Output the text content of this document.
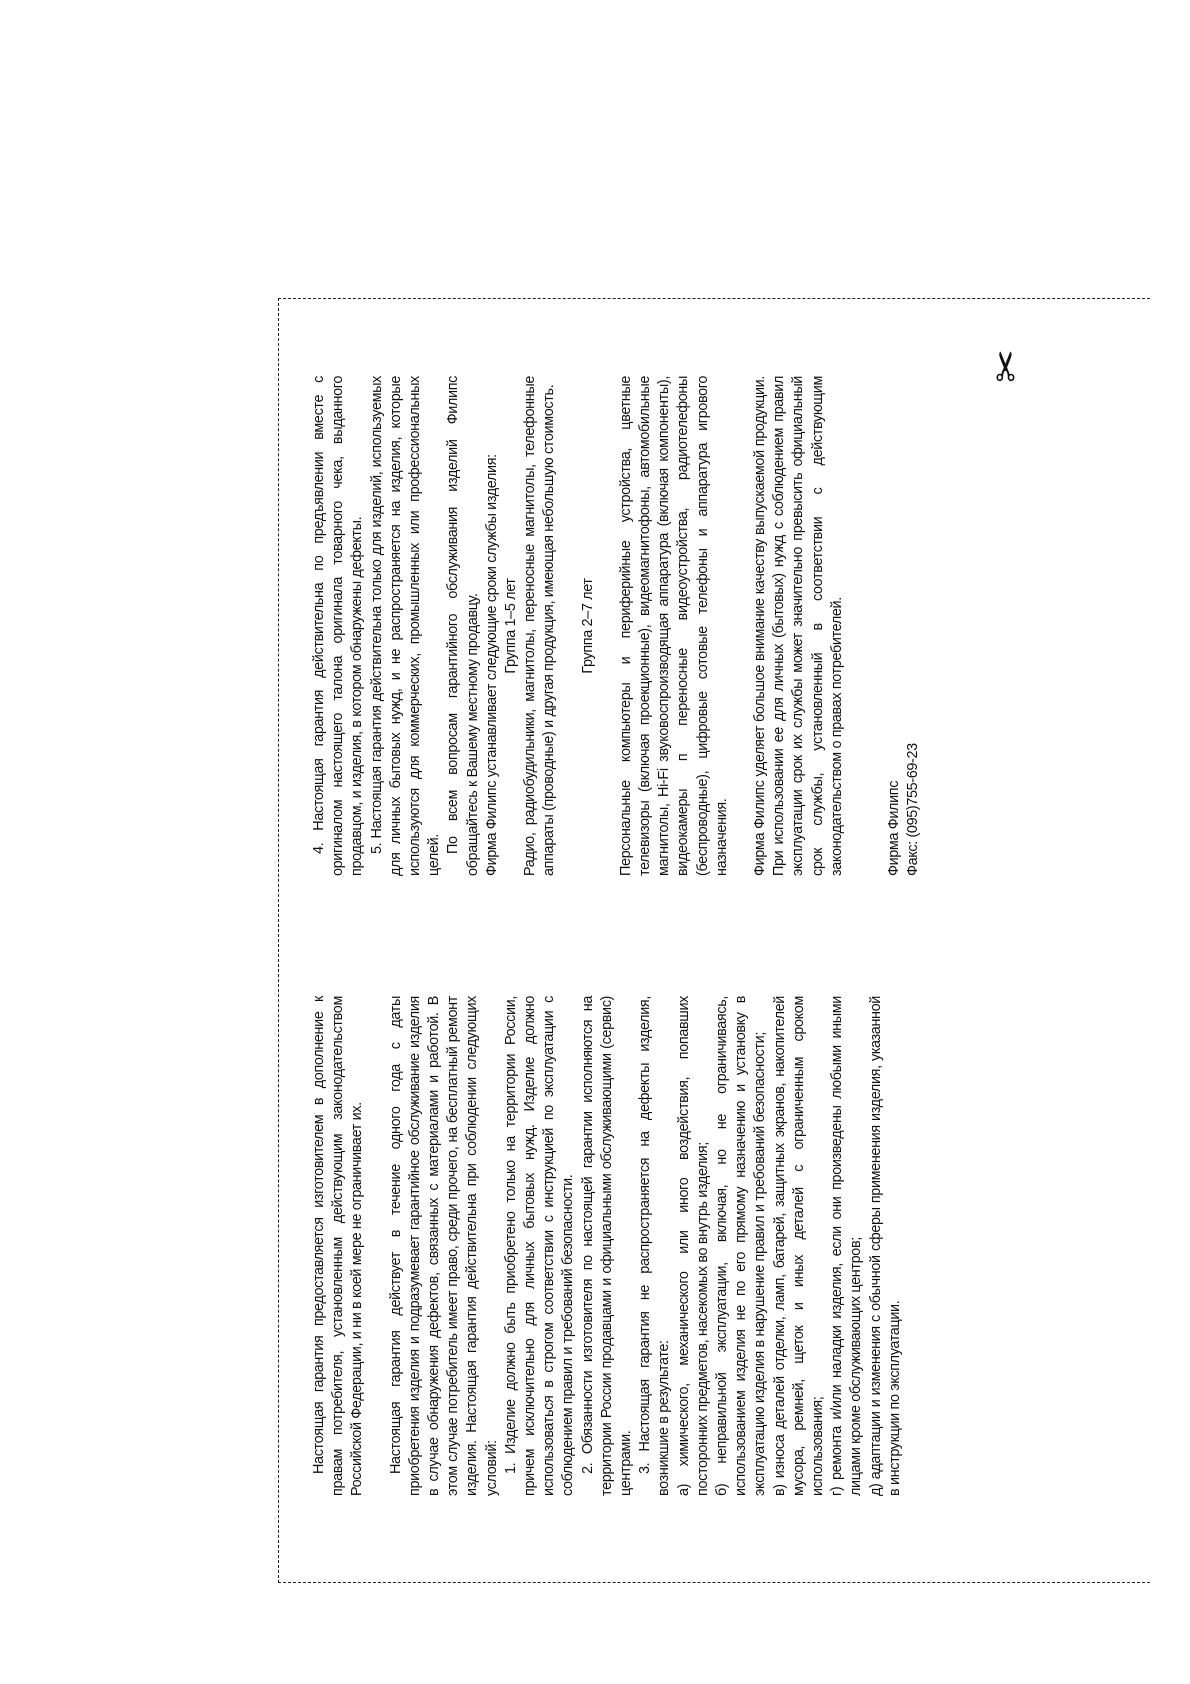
✂

Настоящая гарантия предоставляется изготовителем в дополнение к правам потребителя, установленным действующим законодательством Российской Федерации, и ни в коей мере не ограничивает их. Настоящая гарантия действует в течение одного года с даты приобретения изделия и подразумевает гарантийное обслуживание изделия в случае обнаружения дефектов, связанных с материалами и работой. В этом случае потребитель имеет право, среди прочего, на бесплатный ремонт изделия. Настоящая гарантия действительна при соблюдении следующих условий: 1. Изделие должно быть приобретено только на территории России, причем исключительно для личных бытовых нужд. Изделие должно использоваться в строгом соответствии с инструкцией по эксплуатации с соблюдением правил и требований безопасности. 2. Обязанности изготовителя по настоящей гарантии исполняются на территории России продавцами и официальными обслуживающими (сервис) центрами. 3. Настоящая гарантия не распространяется на дефекты изделия, возникшие в результате: а) химического, механического или иного воздействия, попавших посторонних предметов, насекомых во внутрь изделия; б) неправильной эксплуатации, включая, но не ограничиваясь, использованием изделия не по его прямому назначению и установку в эксплуатацию изделия в нарушение правил и требований безопасности; в) износа деталей отделки, ламп, батарей, защитных экранов, накопителей мусора, ремней, щеток и иных деталей с ограниченным сроком использования; г) ремонта и/или наладки изделия, если они произведены любыми иными лицами кроме обслуживающих центров; д) адаптации и изменения с обычной сферы применения изделия, указанной в инструкции по эксплуатации.

4. Настоящая гарантия действительна по предъявлении вместе с оригиналом настоящего талона оригинала товарного чека, выданного продавцом, и изделия, в котором обнаружены дефекты. 5. Настоящая гарантия действительна только для изделий, используемых для личных бытовых нужд, и не распространяется на изделия, которые используются для коммерческих, промышленных или профессиональных целей.

По всем вопросам гарантийного обслуживания изделий Филипс обращайтесь к Вашему местному продавцу. Фирма Филипс устанавливает следующие сроки службы изделия: Группа 1–5 лет Радио, радиобудильники, магнитолы, переносные магнитолы, телефонные аппараты (проводные) и другая продукция, имеющая небольшую стоимость. Группа 2–7 лет Персональные компьютеры и периферийные устройства, цветные телевизоры (включая проекционные), видеомагнитофоны, автомобильные магнитолы, Hi-Fi звуковоспроизводящая аппаратура (включая компоненты), видеокамеры п переносные видеоустройства, радиотелефоны (беспроводные), цифровые сотовые телефоны и аппаратура игрового назначения. Фирма Филипс уделяет большое внимание качеству выпускаемой продукции. При использовании ее для личных (бытовых) нужд с соблюдением правил эксплуатации срок их службы может значительно превысить официальный срок службы, установленный в соответствии с действующим законодательством о правах потребителей.	Фирма Филипс Факс: (095)755-69-23
